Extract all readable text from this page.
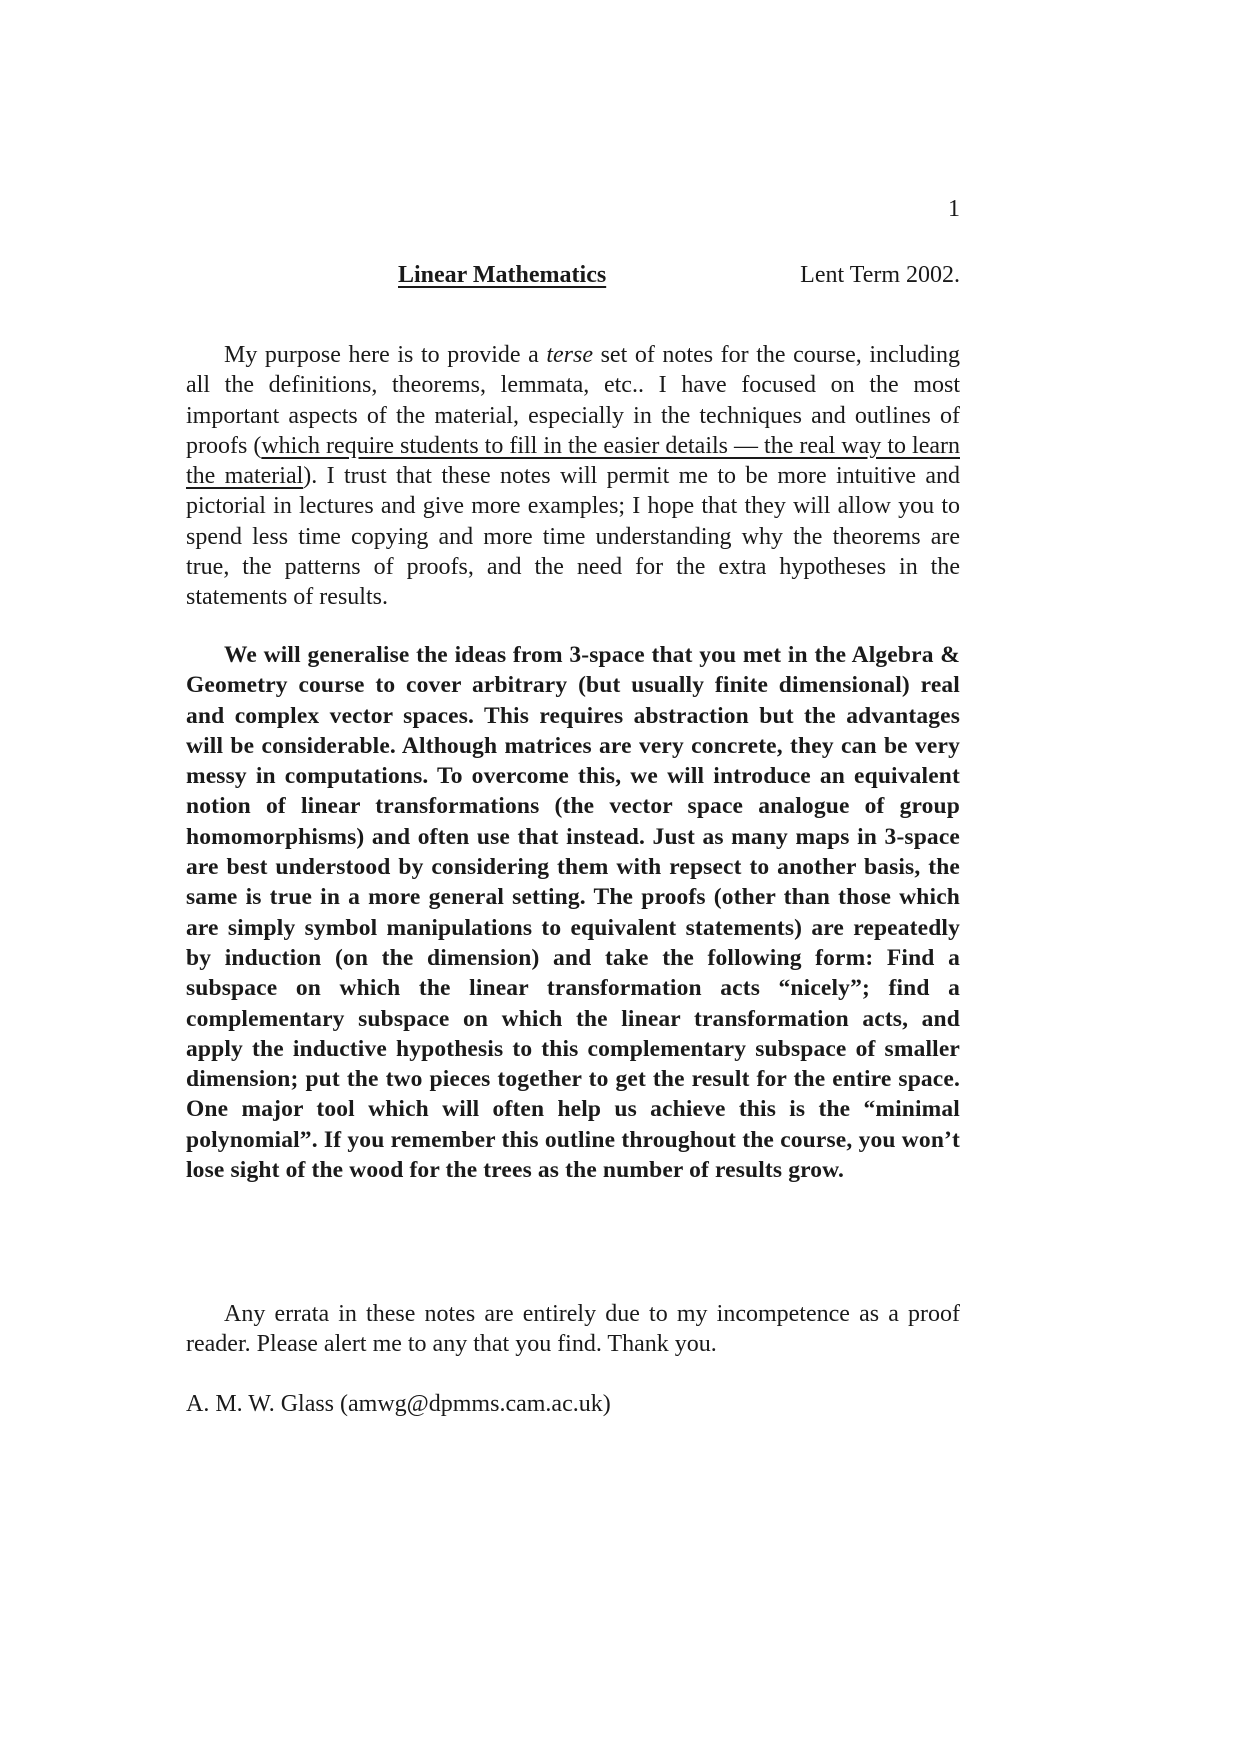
1
Linear Mathematics	Lent Term 2002.

My purpose here is to provide a terse set of notes for the course, including all the definitions, theorems, lemmata, etc.. I have focused on the most important aspects of the material, especially in the techniques and outlines of proofs (which require students to fill in the easier details — the real way to learn the material). I trust that these notes will permit me to be more intuitive and pictorial in lectures and give more examples; I hope that they will allow you to spend less time copying and more time understanding why the theorems are true, the patterns of proofs, and the need for the extra hypotheses in the statements of results.

We will generalise the ideas from 3-space that you met in the Algebra & Geometry course to cover arbitrary (but usually finite dimensional) real and complex vector spaces. This requires abstraction but the advantages will be considerable. Although matrices are very concrete, they can be very messy in computations. To overcome this, we will introduce an equivalent notion of linear transformations (the vector space analogue of group homomorphisms) and often use that instead. Just as many maps in 3-space are best understood by considering them with repsect to another basis, the same is true in a more general setting. The proofs (other than those which are simply symbol manipulations to equivalent statements) are repeatedly by induction (on the dimension) and take the following form: Find a subspace on which the linear transformation acts “nicely”; find a complementary subspace on which the linear transformation acts, and apply the inductive hypothesis to this complementary subspace of smaller dimension; put the two pieces together to get the result for the entire space. One major tool which will often help us achieve this is the “minimal polynomial”. If you remember this outline throughout the course, you won’t lose sight of the wood for the trees as the number of results grow.

Any errata in these notes are entirely due to my incompetence as a proof reader. Please alert me to any that you find. Thank you.

A. M. W. Glass (amwg@dpmms.cam.ac.uk)
